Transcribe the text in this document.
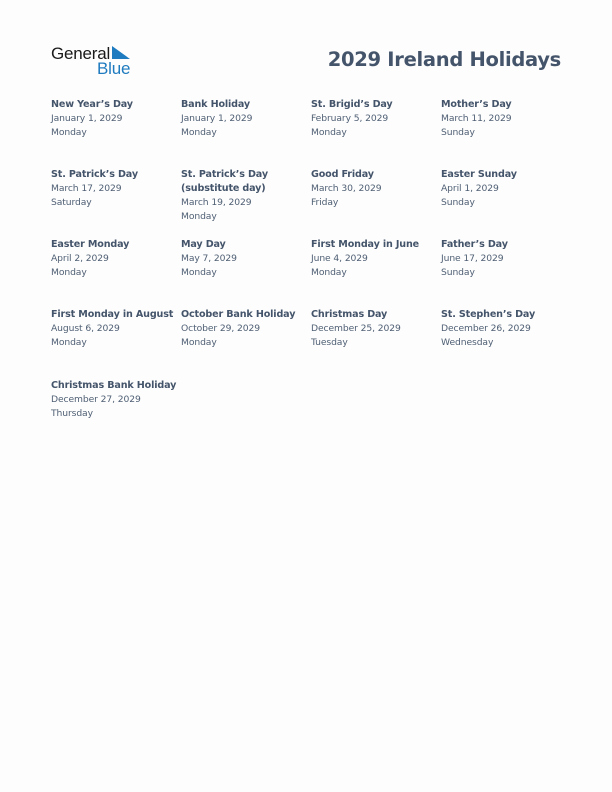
General
Blue	2029 Ireland Holidays
New Year’s Day
January 1, 2029
Monday
Bank Holiday
January 1, 2029
Monday
St. Brigid’s Day
February 5, 2029
Monday
Mother’s Day
March 11, 2029
Sunday
St. Patrick’s Day
March 17, 2029
Saturday
St. Patrick’s Day (substitute day)
March 19, 2029
Monday
Good Friday
March 30, 2029
Friday
Easter Sunday
April 1, 2029
Sunday
Easter Monday
April 2, 2029
Monday
May Day
May 7, 2029
Monday
First Monday in June
June 4, 2029
Monday
Father’s Day
June 17, 2029
Sunday
First Monday in August
August 6, 2029
Monday
October Bank Holiday
October 29, 2029
Monday
Christmas Day
December 25, 2029
Tuesday
St. Stephen’s Day
December 26, 2029
Wednesday
Christmas Bank Holiday
December 27, 2029
Thursday
